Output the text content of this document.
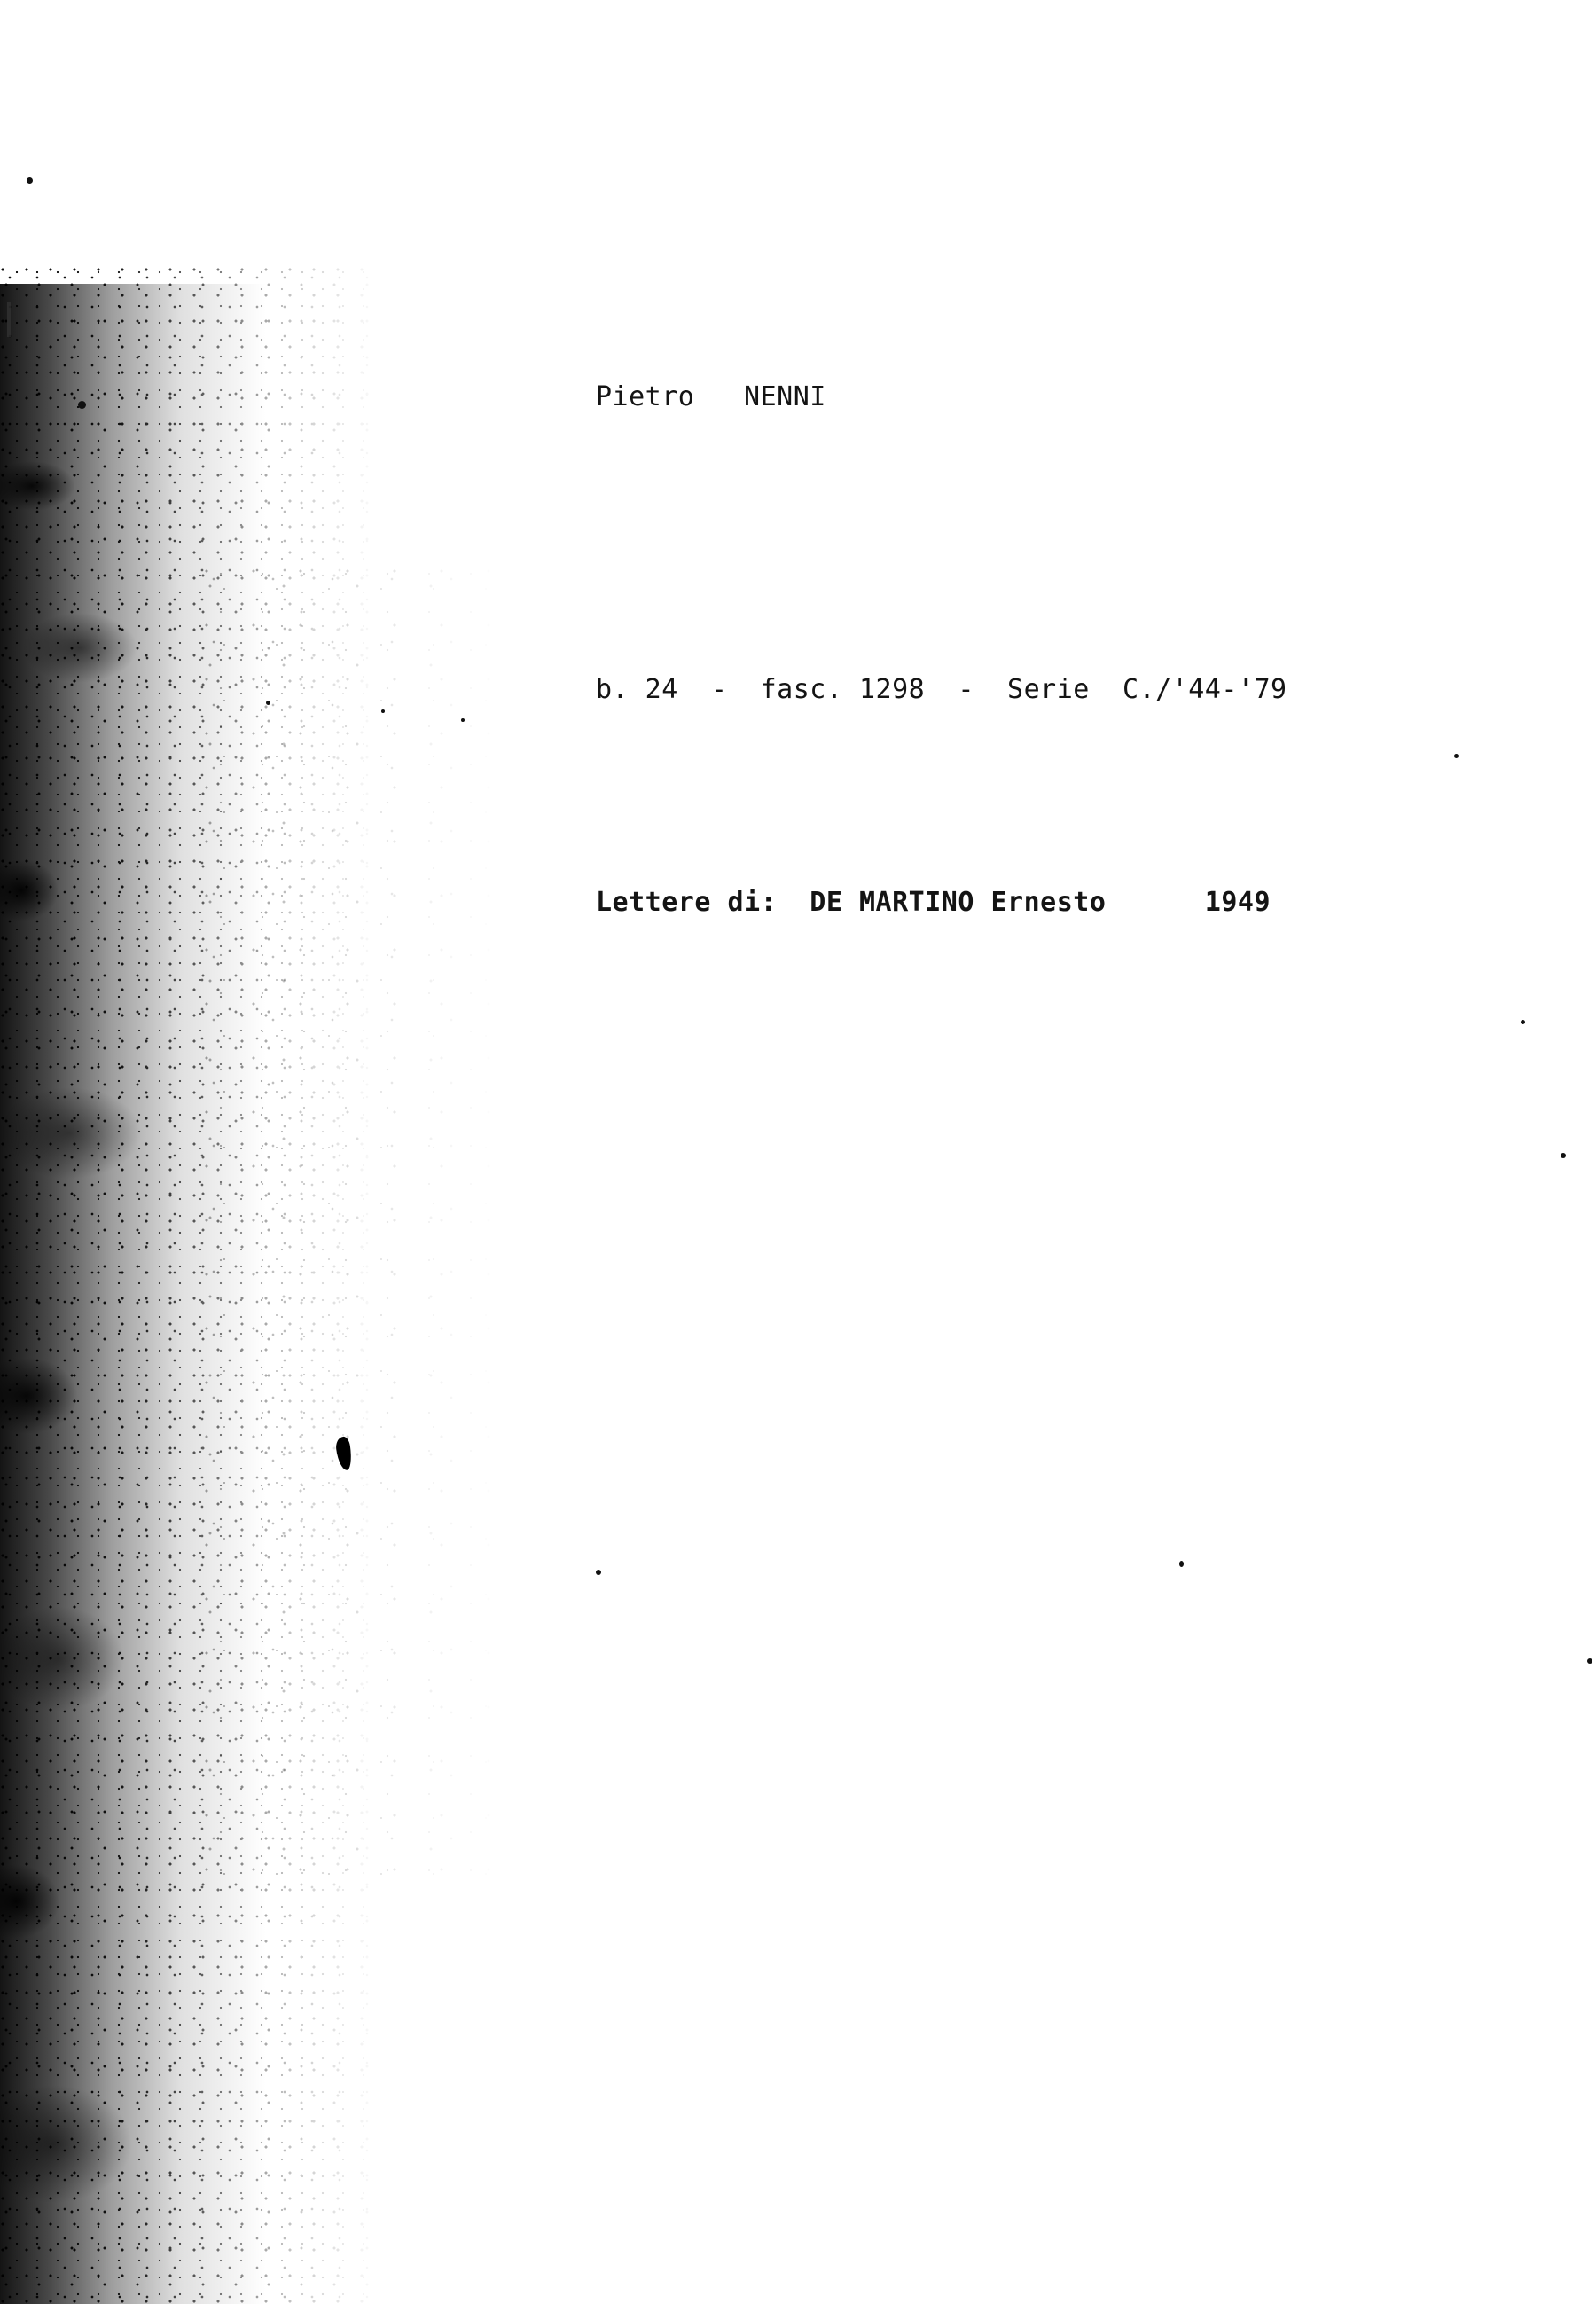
Pietro   NENNI
b. 24  -  fasc. 1298  -  Serie  C./'44-'79
Lettere di:  DE MARTINO Ernesto      1949
